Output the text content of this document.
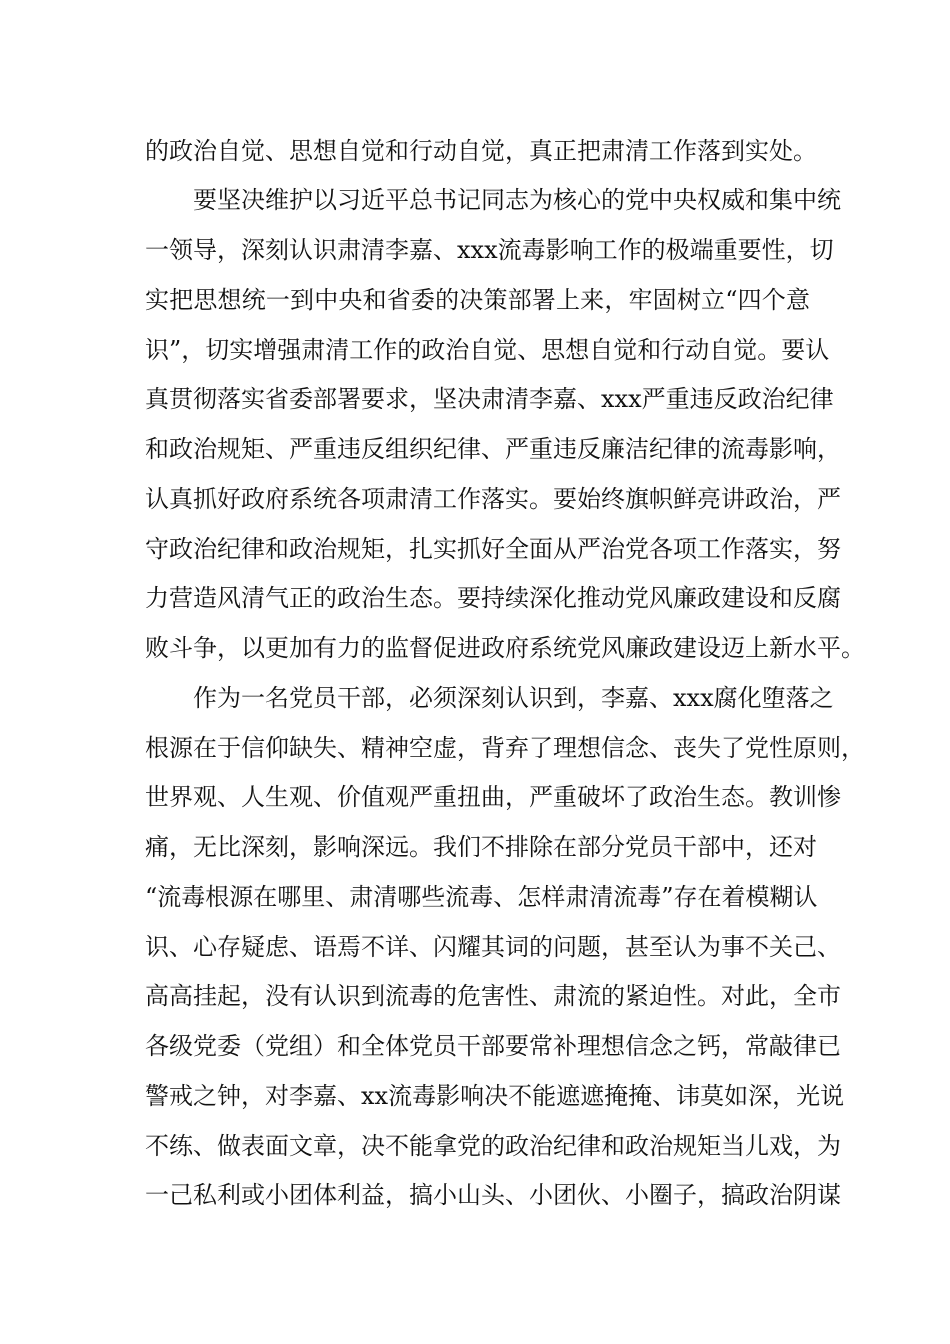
的政治自觉、思想自觉和行动自觉，真正把肃清工作落到实处。
要坚决维护以习近平总书记同志为核心的党中央权威和集中统
一领导，深刻认识肃清李嘉、xxx流毒影响工作的极端重要性，切
实把思想统一到中央和省委的决策部署上来，牢固树立“四个意
识”，切实增强肃清工作的政治自觉、思想自觉和行动自觉。要认
真贯彻落实省委部署要求，坚决肃清李嘉、xxx严重违反政治纪律
和政治规矩、严重违反组织纪律、严重违反廉洁纪律的流毒影响，
认真抓好政府系统各项肃清工作落实。要始终旗帜鲜亮讲政治，严
守政治纪律和政治规矩，扎实抓好全面从严治党各项工作落实，努
力营造风清气正的政治生态。要持续深化推动党风廉政建设和反腐
败斗争，以更加有力的监督促进政府系统党风廉政建设迈上新水平。
作为一名党员干部，必须深刻认识到，李嘉、xxx腐化堕落之
根源在于信仰缺失、精神空虚，背弃了理想信念、丧失了党性原则，
世界观、人生观、价值观严重扭曲，严重破坏了政治生态。教训惨
痛，无比深刻，影响深远。我们不排除在部分党员干部中，还对
“流毒根源在哪里、肃清哪些流毒、怎样肃清流毒”存在着模糊认
识、心存疑虑、语焉不详、闪耀其词的问题，甚至认为事不关己、
高高挂起，没有认识到流毒的危害性、肃流的紧迫性。对此，全市
各级党委（党组）和全体党员干部要常补理想信念之钙，常敲律已
警戒之钟，对李嘉、xx流毒影响决不能遮遮掩掩、讳莫如深，光说
不练、做表面文章，决不能拿党的政治纪律和政治规矩当儿戏，为
一己私利或小团体利益，搞小山头、小团伙、小圈子，搞政治阴谋
